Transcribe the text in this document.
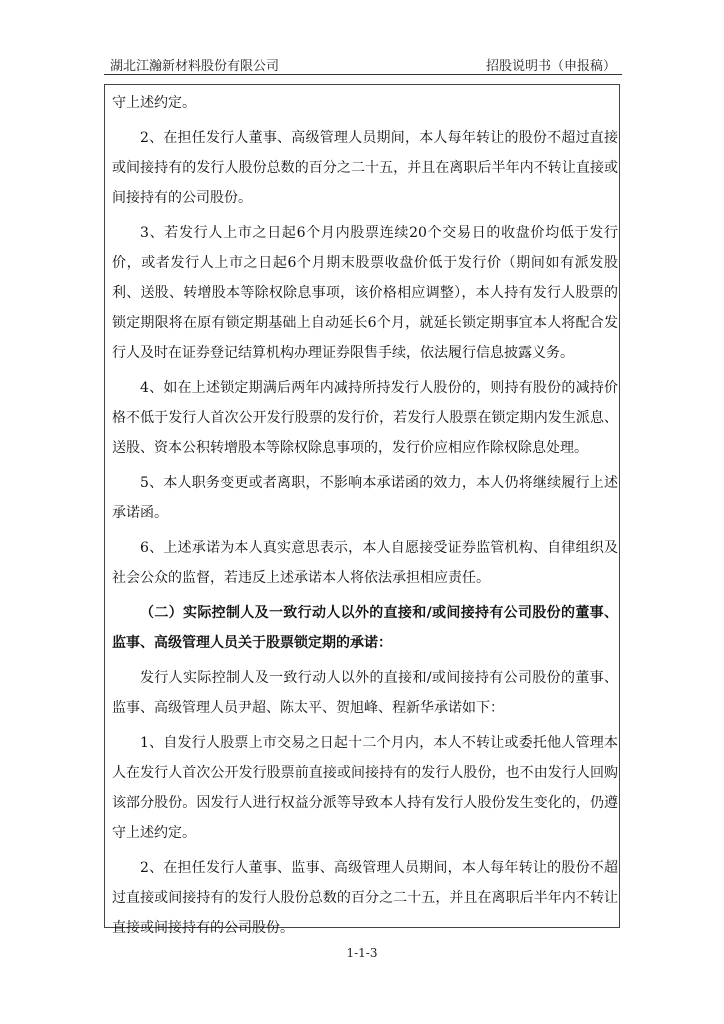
湖北江瀚新材料股份有限公司	招股说明书（申报稿）

守上述约定。

2、在担任发行人董事、高级管理人员期间，本人每年转让的股份不超过直接或间接持有的发行人股份总数的百分之二十五，并且在离职后半年内不转让直接或间接持有的公司股份。

3、若发行人上市之日起6个月内股票连续20个交易日的收盘价均低于发行价，或者发行人上市之日起6个月期末股票收盘价低于发行价（期间如有派发股利、送股、转增股本等除权除息事项，该价格相应调整），本人持有发行人股票的锁定期限将在原有锁定期基础上自动延长6个月，就延长锁定期事宜本人将配合发行人及时在证券登记结算机构办理证券限售手续，依法履行信息披露义务。

4、如在上述锁定期满后两年内减持所持发行人股份的，则持有股份的减持价格不低于发行人首次公开发行股票的发行价，若发行人股票在锁定期内发生派息、送股、资本公积转增股本等除权除息事项的，发行价应相应作除权除息处理。

5、本人职务变更或者离职，不影响本承诺函的效力，本人仍将继续履行上述承诺函。

6、上述承诺为本人真实意思表示，本人自愿接受证券监管机构、自律组织及社会公众的监督，若违反上述承诺本人将依法承担相应责任。

（二）实际控制人及一致行动人以外的直接和/或间接持有公司股份的董事、监事、高级管理人员关于股票锁定期的承诺：

发行人实际控制人及一致行动人以外的直接和/或间接持有公司股份的董事、监事、高级管理人员尹超、陈太平、贺旭峰、程新华承诺如下：

1、自发行人股票上市交易之日起十二个月内，本人不转让或委托他人管理本人在发行人首次公开发行股票前直接或间接持有的发行人股份，也不由发行人回购该部分股份。因发行人进行权益分派等导致本人持有发行人股份发生变化的，仍遵守上述约定。

2、在担任发行人董事、监事、高级管理人员期间，本人每年转让的股份不超过直接或间接持有的发行人股份总数的百分之二十五，并且在离职后半年内不转让直接或间接持有的公司股份。

1-1-3
